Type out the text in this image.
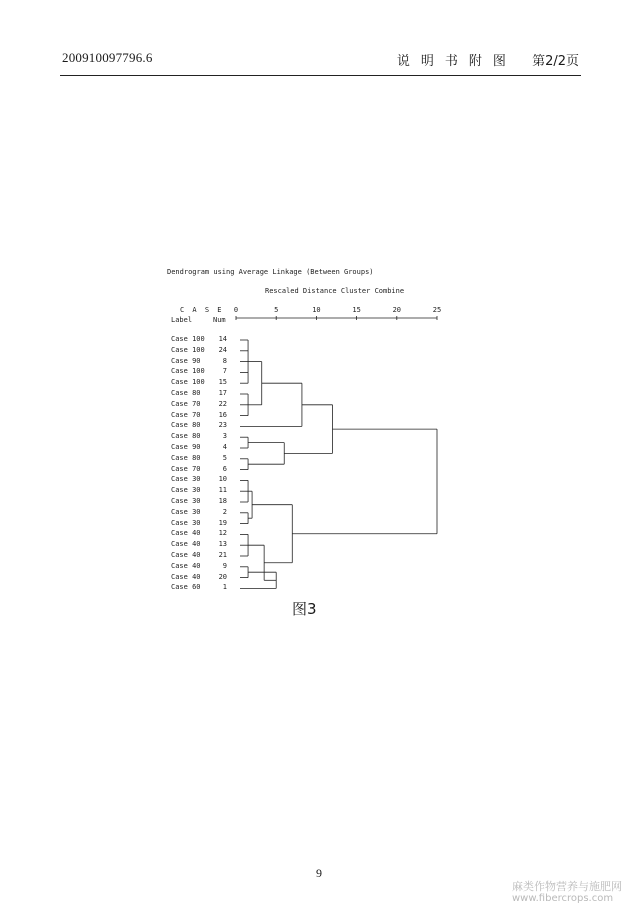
200910097796.6	说明书附图 第2/2页
Dendrogram using Average Linkage (Between Groups)
Rescaled Distance Cluster Combine
C A S E
Label	Num
0	5	10	15	20	25
Case 100	14
Case 100	24
Case 90	8
Case 100	7
Case 100	15
Case 80	17
Case 70	22
Case 70	16
Case 80	23
Case 80	3
Case 90	4
Case 80	5
Case 70	6
Case 30	10
Case 30	11
Case 30	18
Case 30	2
Case 30	19
Case 40	12
Case 40	13
Case 40	21
Case 40	9
Case 40	20
Case 60	1
图3
9
麻类作物营养与施肥网
www.fibercrops.com
